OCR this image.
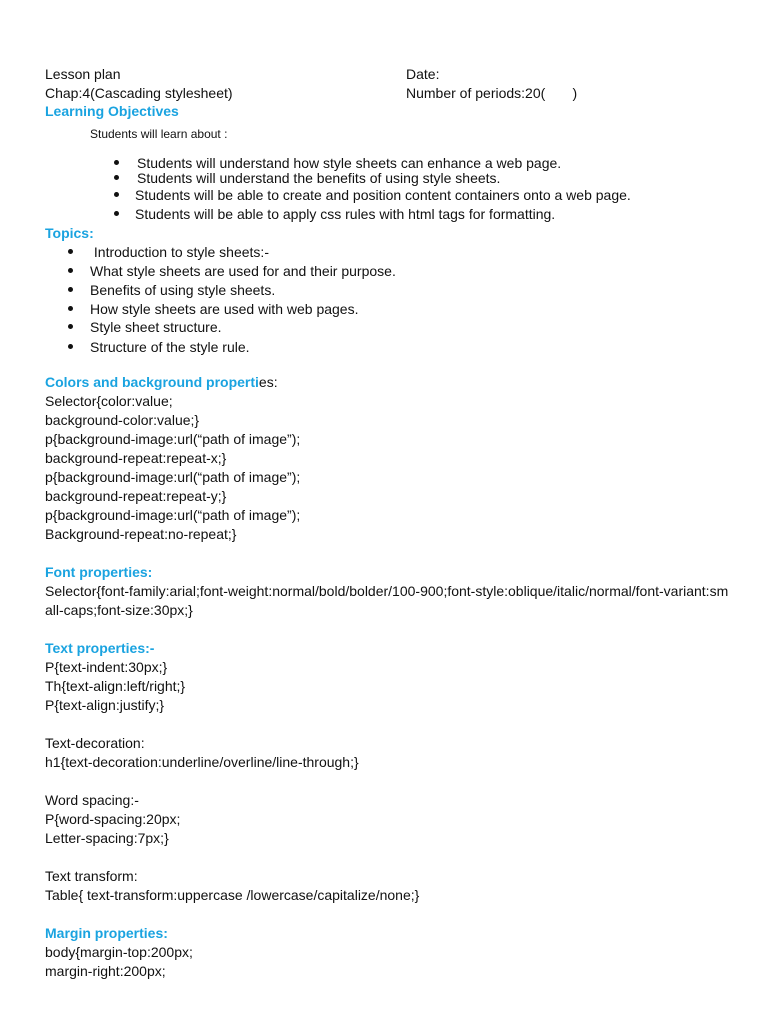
Lesson plan	Date:
Chap:4(Cascading stylesheet)	Number of periods:20(       )
Learning Objectives
Students will learn about :
Students will understand how style sheets can enhance a web page.
Students will understand the benefits of using style sheets.
Students will be able to create and position content containers onto a web page.
Students will be able to apply css rules with html tags for formatting.
Topics:
Introduction to style sheets:-
What style sheets are used for and their purpose.
Benefits of using style sheets.
How style sheets are used with web pages.
Style sheet structure.
Structure of the style rule.
Colors and background properties:
Selector{color:value;
background-color:value;}
p{background-image:url(“path of image”);
background-repeat:repeat-x;}
p{background-image:url(“path of image”);
background-repeat:repeat-y;}
p{background-image:url(“path of image”);
Background-repeat:no-repeat;}
Font properties:
Selector{font-family:arial;font-weight:normal/bold/bolder/100-900;font-style:oblique/italic/normal/font-variant:sm
all-caps;font-size:30px;}
Text properties:-
P{text-indent:30px;}
Th{text-align:left/right;}
P{text-align:justify;}
Text-decoration:
h1{text-decoration:underline/overline/line-through;}
Word spacing:-
P{word-spacing:20px;
Letter-spacing:7px;}
Text transform:
Table{ text-transform:uppercase /lowercase/capitalize/none;}
Margin properties:
body{margin-top:200px;
margin-right:200px;
